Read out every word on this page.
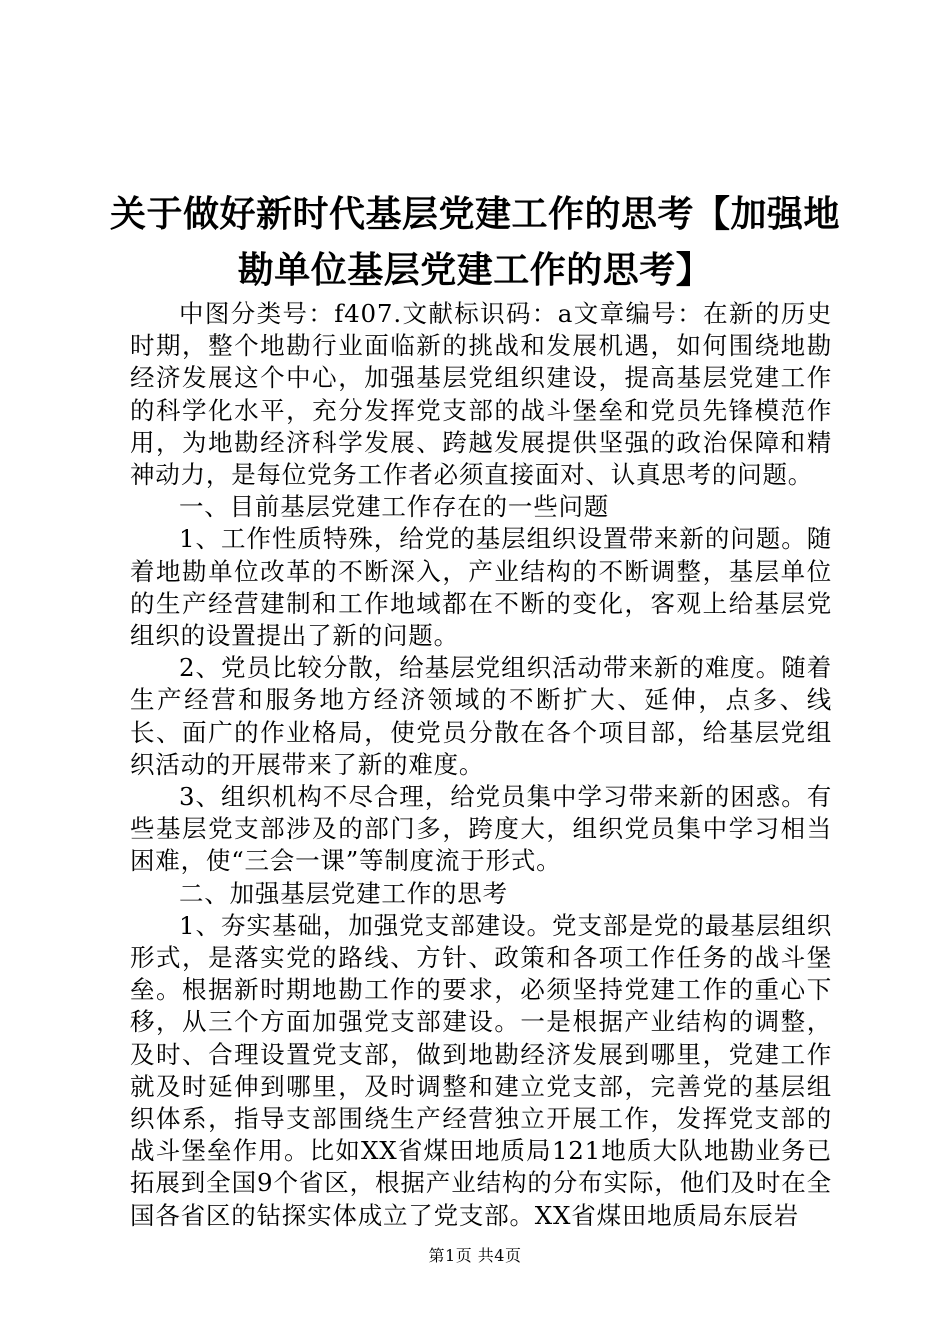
关于做好新时代基层党建工作的思考【加强地勘单位基层党建工作的思考】

中图分类号：f407.文献标识码：a文章编号：在新的历史时期，整个地勘行业面临新的挑战和发展机遇，如何围绕地勘经济发展这个中心，加强基层党组织建设，提高基层党建工作的科学化水平，充分发挥党支部的战斗堡垒和党员先锋模范作用，为地勘经济科学发展、跨越发展提供坚强的政治保障和精神动力，是每位党务工作者必须直接面对、认真思考的问题。

一、目前基层党建工作存在的一些问题

1、工作性质特殊，给党的基层组织设置带来新的问题。随着地勘单位改革的不断深入，产业结构的不断调整，基层单位的生产经营建制和工作地域都在不断的变化，客观上给基层党组织的设置提出了新的问题。

2、党员比较分散，给基层党组织活动带来新的难度。随着生产经营和服务地方经济领域的不断扩大、延伸，点多、线长、面广的作业格局，使党员分散在各个项目部，给基层党组织活动的开展带来了新的难度。

3、组织机构不尽合理，给党员集中学习带来新的困惑。有些基层党支部涉及的部门多，跨度大，组织党员集中学习相当困难，使“三会一课”等制度流于形式。

二、加强基层党建工作的思考

1、夯实基础，加强党支部建设。党支部是党的最基层组织形式，是落实党的路线、方针、政策和各项工作任务的战斗堡垒。根据新时期地勘工作的要求，必须坚持党建工作的重心下移，从三个方面加强党支部建设。一是根据产业结构的调整，及时、合理设置党支部，做到地勘经济发展到哪里，党建工作就及时延伸到哪里，及时调整和建立党支部，完善党的基层组织体系，指导支部围绕生产经营独立开展工作，发挥党支部的战斗堡垒作用。比如XX省煤田地质局121地质大队地勘业务已拓展到全国9个省区，根据产业结构的分布实际，他们及时在全国各省区的钻探实体成立了党支部。XX省煤田地质局东辰岩

第1页 共4页
